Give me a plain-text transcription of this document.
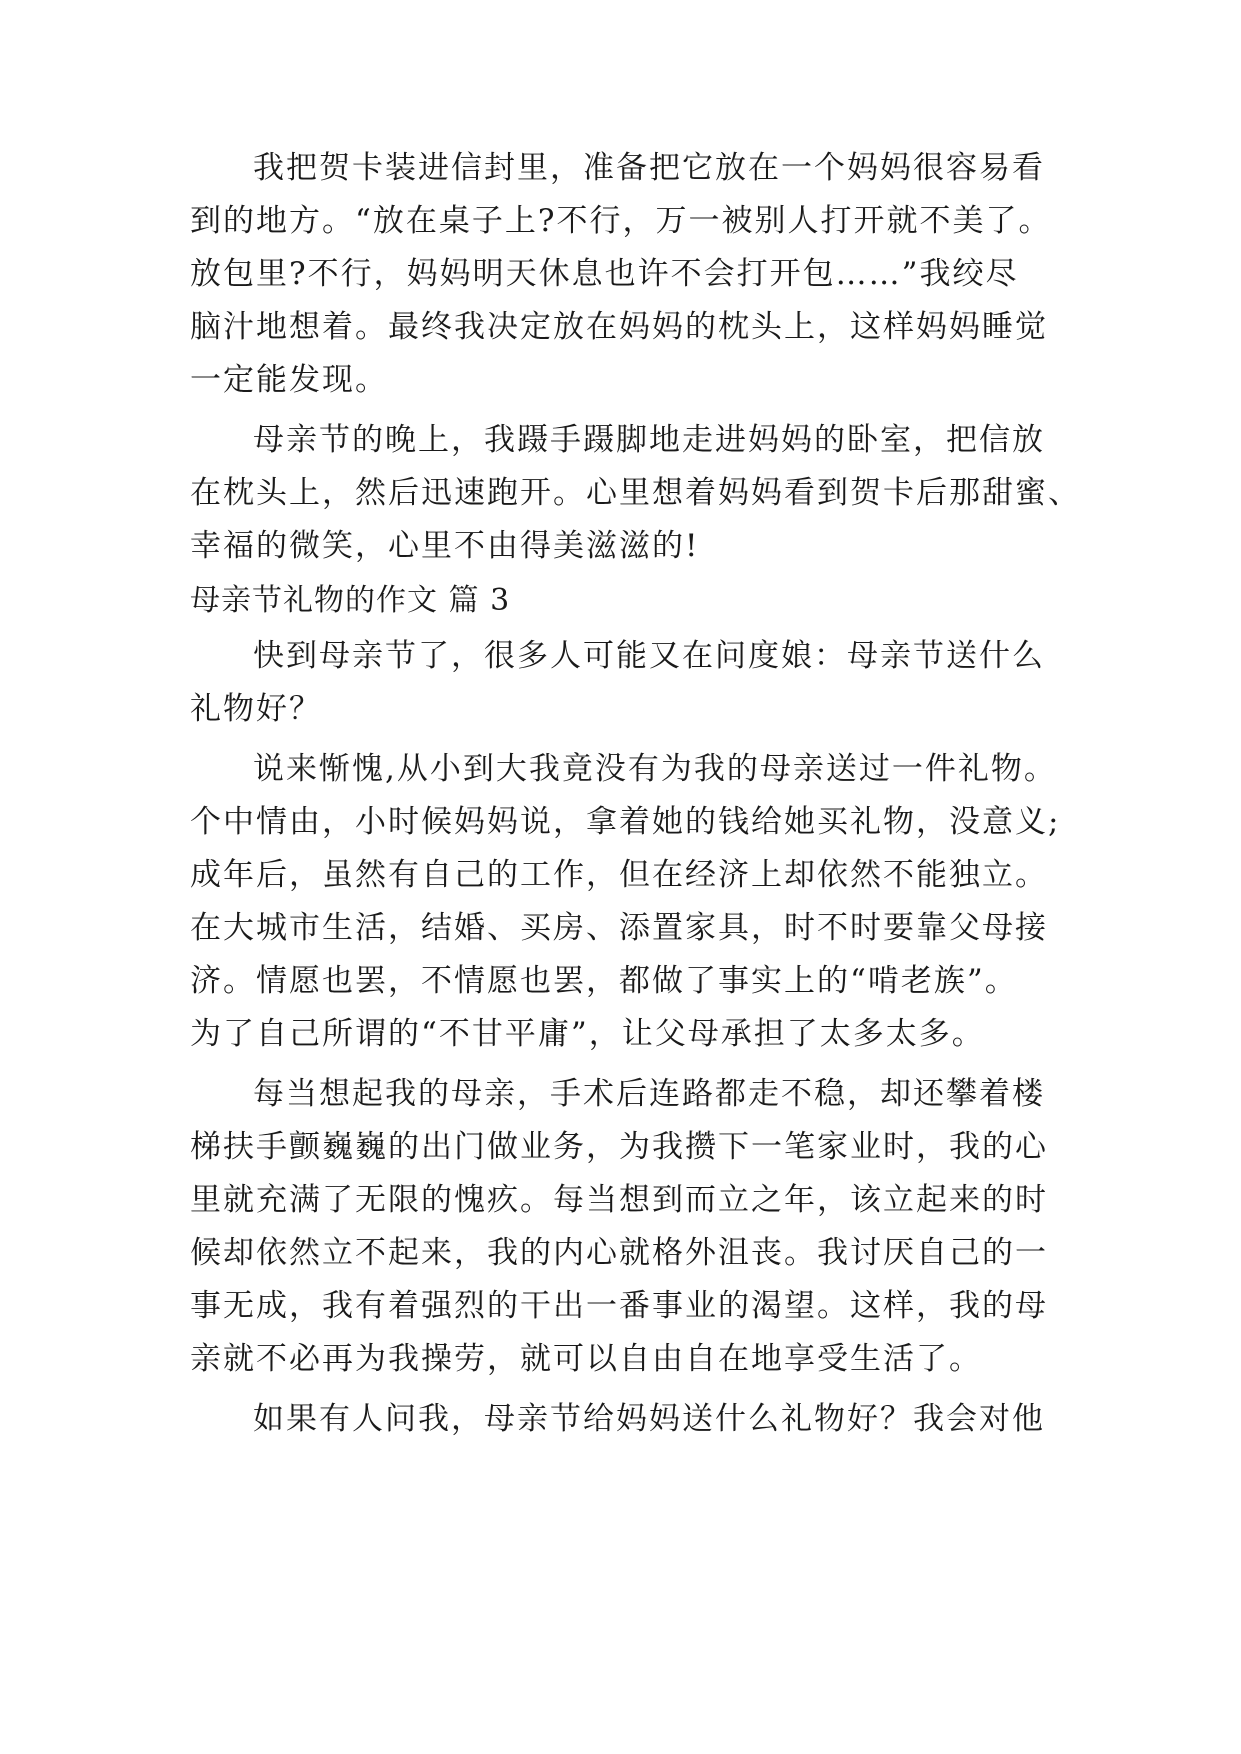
我把贺卡装进信封里，准备把它放在一个妈妈很容易看
到的地方。“放在桌子上?不行，万一被别人打开就不美了。
放包里?不行，妈妈明天休息也许不会打开包……”我绞尽
脑汁地想着。最终我决定放在妈妈的枕头上，这样妈妈睡觉
一定能发现。
母亲节的晚上，我蹑手蹑脚地走进妈妈的卧室，把信放
在枕头上，然后迅速跑开。心里想着妈妈看到贺卡后那甜蜜、
幸福的微笑，心里不由得美滋滋的!
母亲节礼物的作文 篇 3
快到母亲节了，很多人可能又在问度娘：母亲节送什么
礼物好？
说来惭愧,从小到大我竟没有为我的母亲送过一件礼物。
个中情由，小时候妈妈说，拿着她的钱给她买礼物，没意义;
成年后，虽然有自己的工作，但在经济上却依然不能独立。
在大城市生活，结婚、买房、添置家具，时不时要靠父母接
济。情愿也罢，不情愿也罢，都做了事实上的“啃老族”。
为了自己所谓的“不甘平庸”，让父母承担了太多太多。
每当想起我的母亲，手术后连路都走不稳，却还攀着楼
梯扶手颤巍巍的出门做业务，为我攒下一笔家业时，我的心
里就充满了无限的愧疚。每当想到而立之年，该立起来的时
候却依然立不起来，我的内心就格外沮丧。我讨厌自己的一
事无成，我有着强烈的干出一番事业的渴望。这样，我的母
亲就不必再为我操劳，就可以自由自在地享受生活了。
如果有人问我，母亲节给妈妈送什么礼物好？我会对他
